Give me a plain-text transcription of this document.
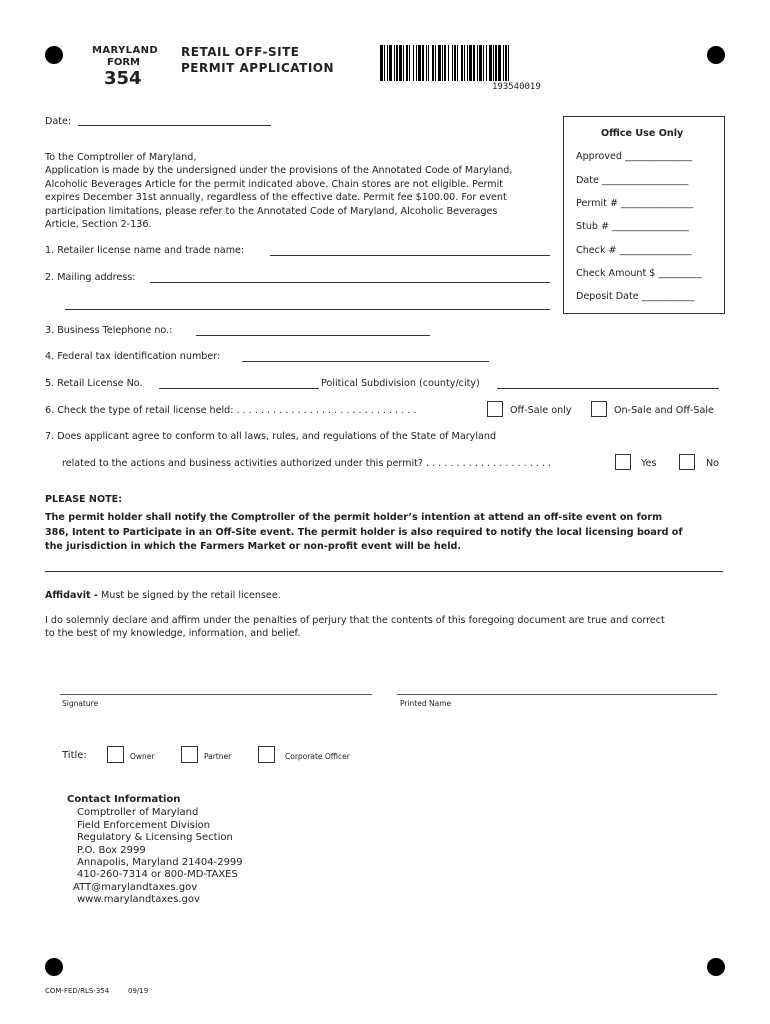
MARYLAND
FORM
354
RETAIL OFF-SITE
PERMIT APPLICATION
193540019
Date:
Office Use Only
Approved ______________
Date __________________
Permit # _______________
Stub # ________________
Check # _______________
Check Amount $ _________
Deposit Date ___________
To the Comptroller of Maryland,
Application is made by the undersigned under the provisions of the Annotated Code of Maryland,
Alcoholic Beverages Article for the permit indicated above. Chain stores are not eligible. Permit
expires December 31st annually, regardless of the effective date. Permit fee $100.00. For event
participation limitations, please refer to the Annotated Code of Maryland, Alcoholic Beverages
Article, Section 2-136.
1. Retailer license name and trade name:
2. Mailing address:
3. Business Telephone no.:
4. Federal tax identification number:
5. Retail License No.	Political Subdivision (county/city)
6. Check the type of retail license held: . . . . . . . . . . . . . . . . . . . . . . . . . . . . . .	Off-Sale only	On-Sale and Off-Sale
7. Does applicant agree to conform to all laws, rules, and regulations of the State of Maryland
related to the actions and business activities authorized under this permit? . . . . . . . . . . . . . . . . . . . . .	Yes	No
PLEASE NOTE:
The permit holder shall notify the Comptroller of the permit holder’s intention at attend an off-site event on form
386, Intent to Participate in an Off-Site event. The permit holder is also required to notify the local licensing board of
the jurisdiction in which the Farmers Market or non-profit event will be held.
Affidavit - Must be signed by the retail licensee.
I do solemnly declare and affirm under the penalties of perjury that the contents of this foregoing document are true and correct
to the best of my knowledge, information, and belief.
Signature	Printed Name
Title:	Owner	Partner	Corporate Officer
Contact Information
Comptroller of Maryland
Field Enforcement Division
Regulatory & Licensing Section
P.O. Box 2999
Annapolis, Maryland 21404-2999
410-260-7314 or 800-MD-TAXES
ATT@marylandtaxes.gov
www.marylandtaxes.gov
COM-FED/RLS-354	09/19
